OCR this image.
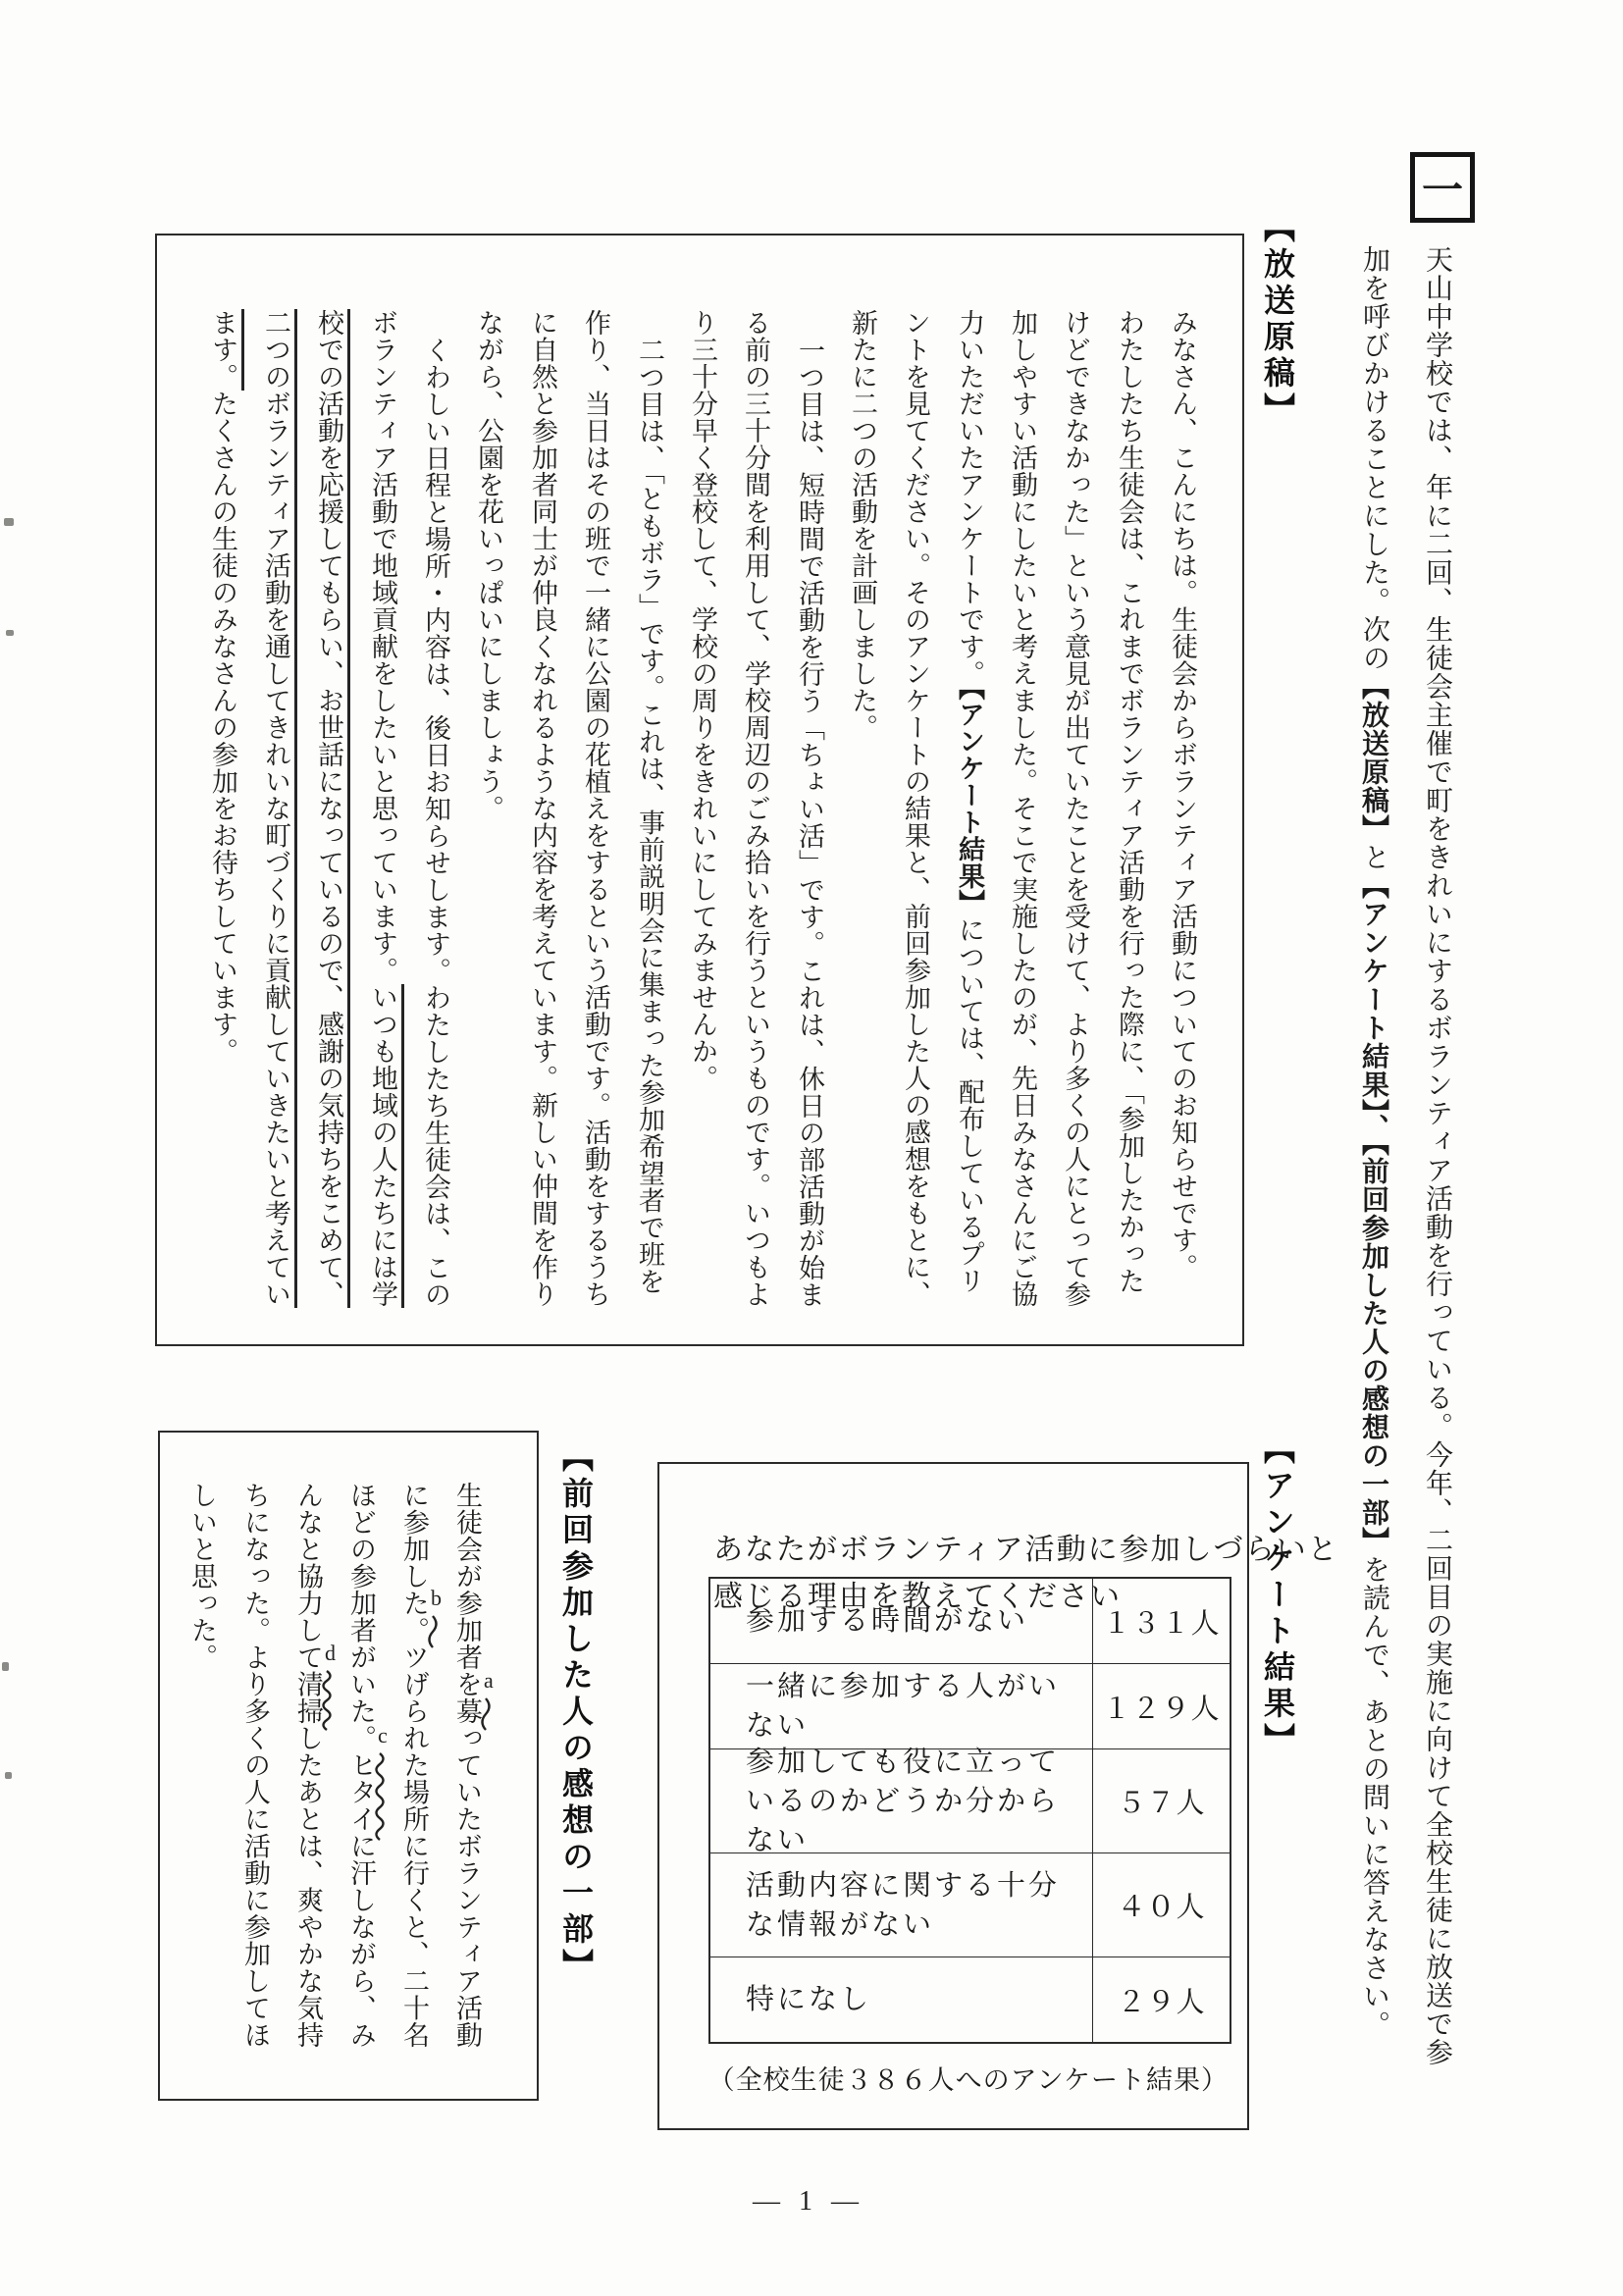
一
天山中学校では、年に二回、生徒会主催で町をきれいにするボランティア活動を行っている。今年、二回目の実施に向けて全校生徒に放送で参
加を呼びかけることにした。次の【放送原稿】と【アンケート結果】、【前回参加した人の感想の一部】を読んで、あとの問いに答えなさい。
【放送原稿】
みなさん、こんにちは。生徒会からボランティア活動についてのお知らせです。
わたしたち生徒会は、これまでボランティア活動を行った際に、「参加したかった
けどできなかった」という意見が出ていたことを受けて、より多くの人にとって参
加しやすい活動にしたいと考えました。そこで実施したのが、先日みなさんにご協
力いただいたアンケートです。【アンケート結果】については、配布しているプリ
ントを見てください。そのアンケートの結果と、前回参加した人の感想をもとに、
新たに二つの活動を計画しました。
一つ目は、短時間で活動を行う「ちょい活」です。これは、休日の部活動が始ま
る前の三十分間を利用して、学校周辺のごみ拾いを行うというものです。いつもよ
り三十分早く登校して、学校の周りをきれいにしてみませんか。
二つ目は、「ともボラ」です。これは、事前説明会に集まった参加希望者で班を
作り、当日はその班で一緒に公園の花植えをするという活動です。活動をするうち
に自然と参加者同士が仲良くなれるような内容を考えています。新しい仲間を作り
ながら、公園を花いっぱいにしましょう。
くわしい日程と場所・内容は、後日お知らせします。わたしたち生徒会は、この
ボランティア活動で地域貢献をしたいと思っています。いつも地域の人たちには学
校での活動を応援してもらい、お世話になっているので、感謝の気持ちをこめて、
二つのボランティア活動を通してきれいな町づくりに貢献していきたいと考えてい
ます。たくさんの生徒のみなさんの参加をお待ちしています。
【アンケート結果】
あなたがボランティア活動に参加しづらいと
感じる理由を教えてください
参加する時間がない	１３１人
一緒に参加する人がいない
１２９人
参加しても役に立っているのかどうか分からない
５７人
活動内容に関する十分な情報がない
４０人
特になし	２９人
（全校生徒３８６人へのアンケート結果）
【前回参加した人の感想の一部】
生徒会が参加者を募っていたボランティア活動
に参加した。ツげられた場所に行くと、二十名
ほどの参加者がいた。ヒタイに汗しながら、み
んなと協力して清掃したあとは、爽やかな気持
ちになった。より多くの人に活動に参加してほ
しいと思った。
a
b
c
d
― 1 ―
